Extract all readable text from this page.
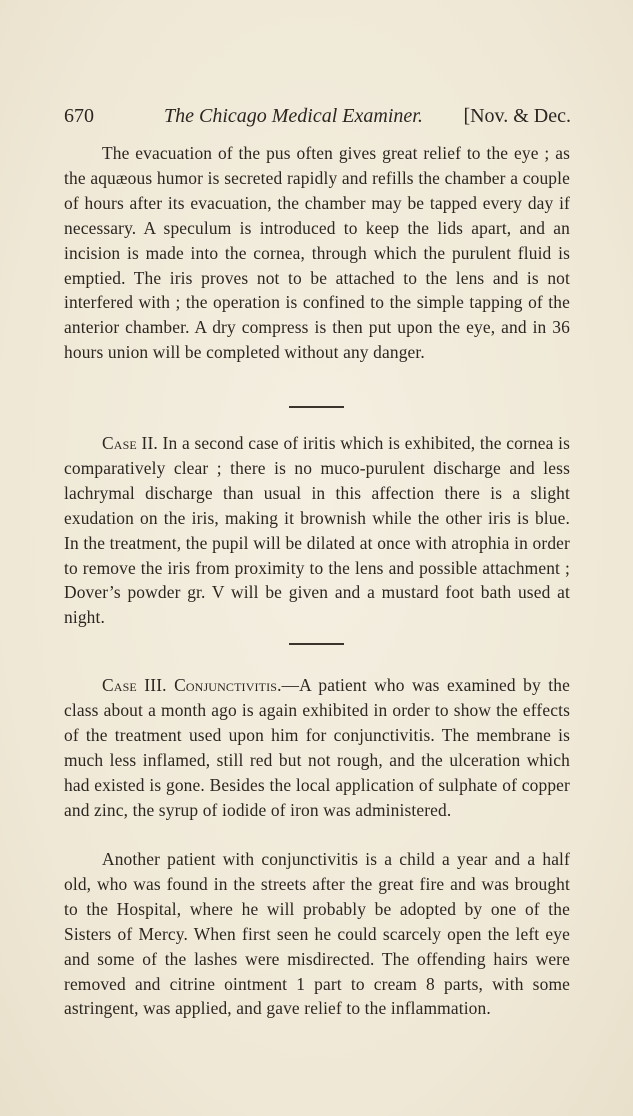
670	The Chicago Medical Examiner. [Nov. & Dec.

The evacuation of the pus often gives great relief to the eye ; as the aquæous humor is secreted rapidly and refills the chamber a couple of hours after its evacuation, the chamber may be tapped every day if necessary. A speculum is introduced to keep the lids apart, and an incision is made into the cornea, through which the purulent fluid is emptied. The iris proves not to be attached to the lens and is not interfered with ; the operation is confined to the simple tapping of the anterior chamber. A dry compress is then put upon the eye, and in 36 hours union will be completed without any danger.

Case II. In a second case of iritis which is exhibited, the cornea is comparatively clear ; there is no muco-purulent discharge and less lachrymal discharge than usual in this affection there is a slight exudation on the iris, making it brownish while the other iris is blue. In the treatment, the pupil will be dilated at once with atrophia in order to remove the iris from proximity to the lens and possible attachment ; Dover’s powder gr. V will be given and a mustard foot bath used at night.

Case III. Conjunctivitis.—A patient who was examined by the class about a month ago is again exhibited in order to show the effects of the treatment used upon him for conjunctivitis. The membrane is much less inflamed, still red but not rough, and the ulceration which had existed is gone. Besides the local application of sulphate of copper and zinc, the syrup of iodide of iron was administered.

Another patient with conjunctivitis is a child a year and a half old, who was found in the streets after the great fire and was brought to the Hospital, where he will probably be adopted by one of the Sisters of Mercy. When first seen he could scarcely open the left eye and some of the lashes were misdirected. The offending hairs were removed and citrine ointment 1 part to cream 8 parts, with some astringent, was applied, and gave relief to the inflammation.
